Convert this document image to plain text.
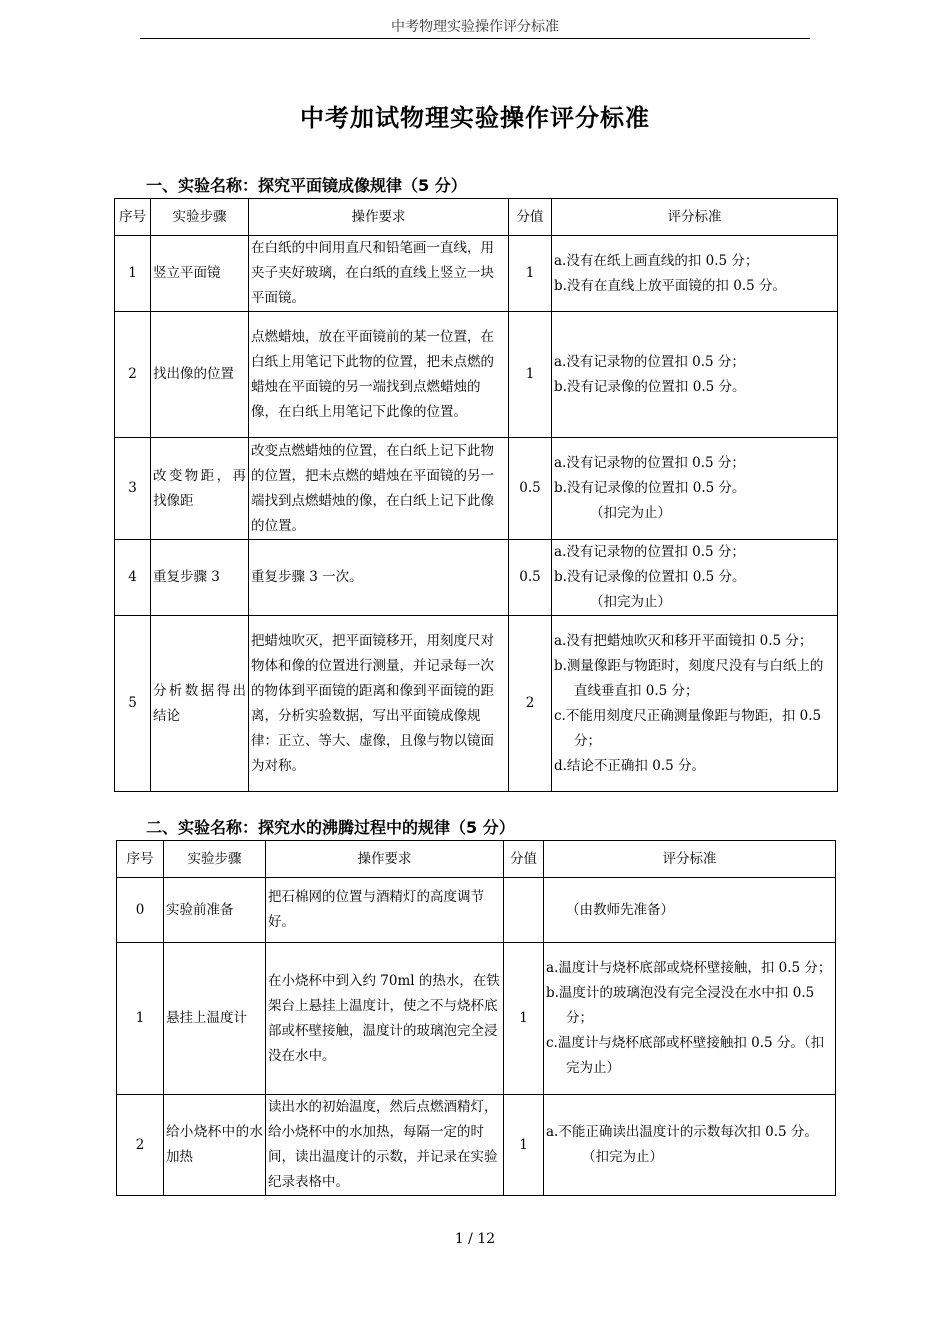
中考物理实验操作评分标准
中考加试物理实验操作评分标准
一、实验名称：探究平面镜成像规律（5 分）
序号	实验步骤	操作要求	分值	评分标准
1	竖立平面镜	在白纸的中间用直尺和铅笔画一直线，用夹子夹好玻璃，在白纸的直线上竖立一块平面镜。	1	a.没有在纸上画直线的扣 0.5 分；
b.没有在直线上放平面镜的扣 0.5 分。

2	找出像的位置	点燃蜡烛，放在平面镜前的某一位置，在白纸上用笔记下此物的位置，把未点燃的蜡烛在平面镜的另一端找到点燃蜡烛的像，在白纸上用笔记下此像的位置。	1	a.没有记录物的位置扣 0.5 分；
b.没有记录像的位置扣 0.5 分。

3	改变物距，再找像距	改变点燃蜡烛的位置，在白纸上记下此物的位置，把未点燃的蜡烛在平面镜的另一端找到点燃蜡烛的像，在白纸上记下此像的位置。	0.5	a.没有记录物的位置扣 0.5 分；
b.没有记录像的位置扣 0.5 分。
（扣完为止）

4	重复步骤 3	重复步骤 3 一次。	0.5	a.没有记录物的位置扣 0.5 分；
b.没有记录像的位置扣 0.5 分。
（扣完为止）

5	分析数据得出结论	把蜡烛吹灭，把平面镜移开，用刻度尺对物体和像的位置进行测量，并记录每一次的物体到平面镜的距离和像到平面镜的距离，分析实验数据，写出平面镜成像规律：正立、等大、虚像，且像与物以镜面为对称。	2	a.没有把蜡烛吹灭和移开平面镜扣 0.5 分；
b.测量像距与物距时，刻度尺没有与白纸上的直线垂直扣 0.5 分；
c.不能用刻度尺正确测量像距与物距，扣 0.5 分；
d.结论不正确扣 0.5 分。
二、实验名称：探究水的沸腾过程中的规律（5 分）
序号	实验步骤	操作要求	分值	评分标准
0	实验前准备	把石棉网的位置与酒精灯的高度调节好。		（由教师先准备）

1	悬挂上温度计	在小烧杯中到入约 70ml 的热水，在铁架台上悬挂上温度计，使之不与烧杯底部或杯壁接触，温度计的玻璃泡完全浸没在水中。	1	a.温度计与烧杯底部或烧杯壁接触，扣 0.5 分；
b.温度计的玻璃泡没有完全浸没在水中扣 0.5 分；
c.温度计与烧杯底部或杯壁接触扣 0.5 分。（扣完为止）

2	给小烧杯中的水加热	读出水的初始温度，然后点燃酒精灯，给小烧杯中的水加热，每隔一定的时间，读出温度计的示数，并记录在实验纪录表格中。	1	a.不能正确读出温度计的示数每次扣 0.5 分。
（扣完为止）
1 / 12
